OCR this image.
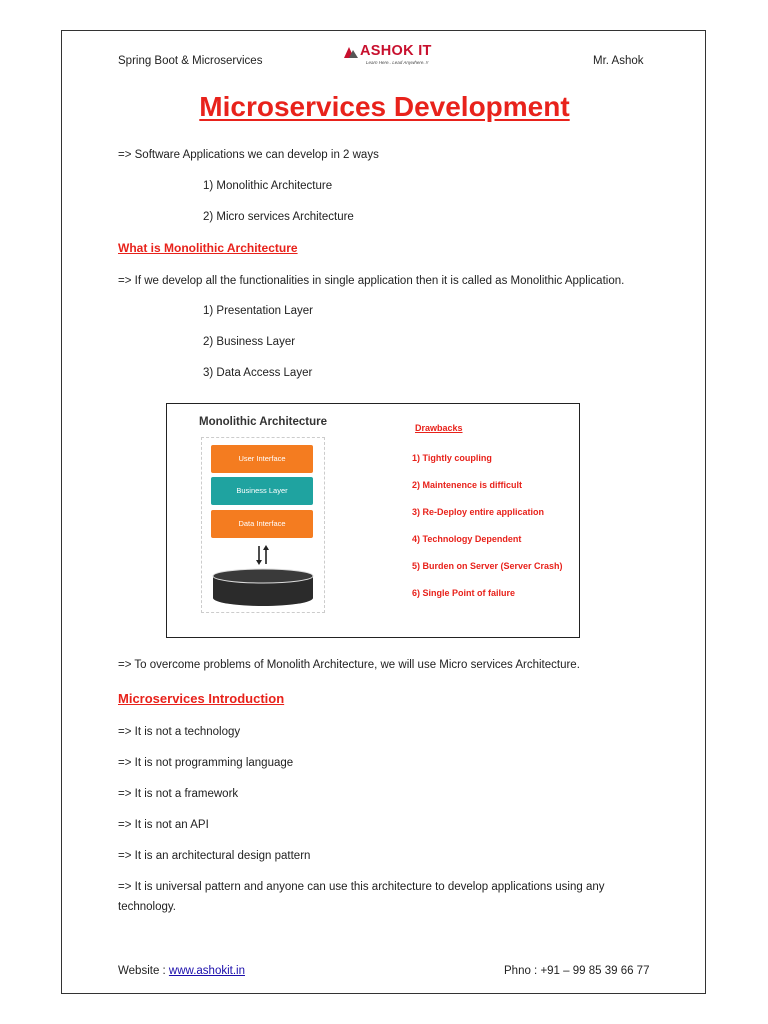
Spring Boot & Microservices
ASHOK IT
Learn Here.. Lead Anywhere..!!	Mr. Ashok
Microservices Development
=> Software Applications we can develop in 2 ways
1) Monolithic Architecture
2) Micro services Architecture
What is Monolithic Architecture
=> If we develop all the functionalities in single application then it is called as Monolithic Application.
1) Presentation Layer
2) Business Layer
3) Data Access Layer
Monolithic Architecture
User Interface
Business Layer
Data Interface
Drawbacks
1) Tightly coupling
2) Maintenence is difficult
3) Re-Deploy entire application
4) Technology Dependent
5) Burden on Server (Server Crash)
6) Single Point of failure
=> To overcome problems of Monolith Architecture, we will use Micro services Architecture.
Microservices Introduction
=> It is not a technology
=> It is not programming language
=> It is not a framework
=> It is not an API
=> It is an architectural design pattern
=> It is universal pattern and anyone can use this architecture to develop applications using any
technology.
Website : www.ashokit.in	Phno : +91 – 99 85 39 66 77
